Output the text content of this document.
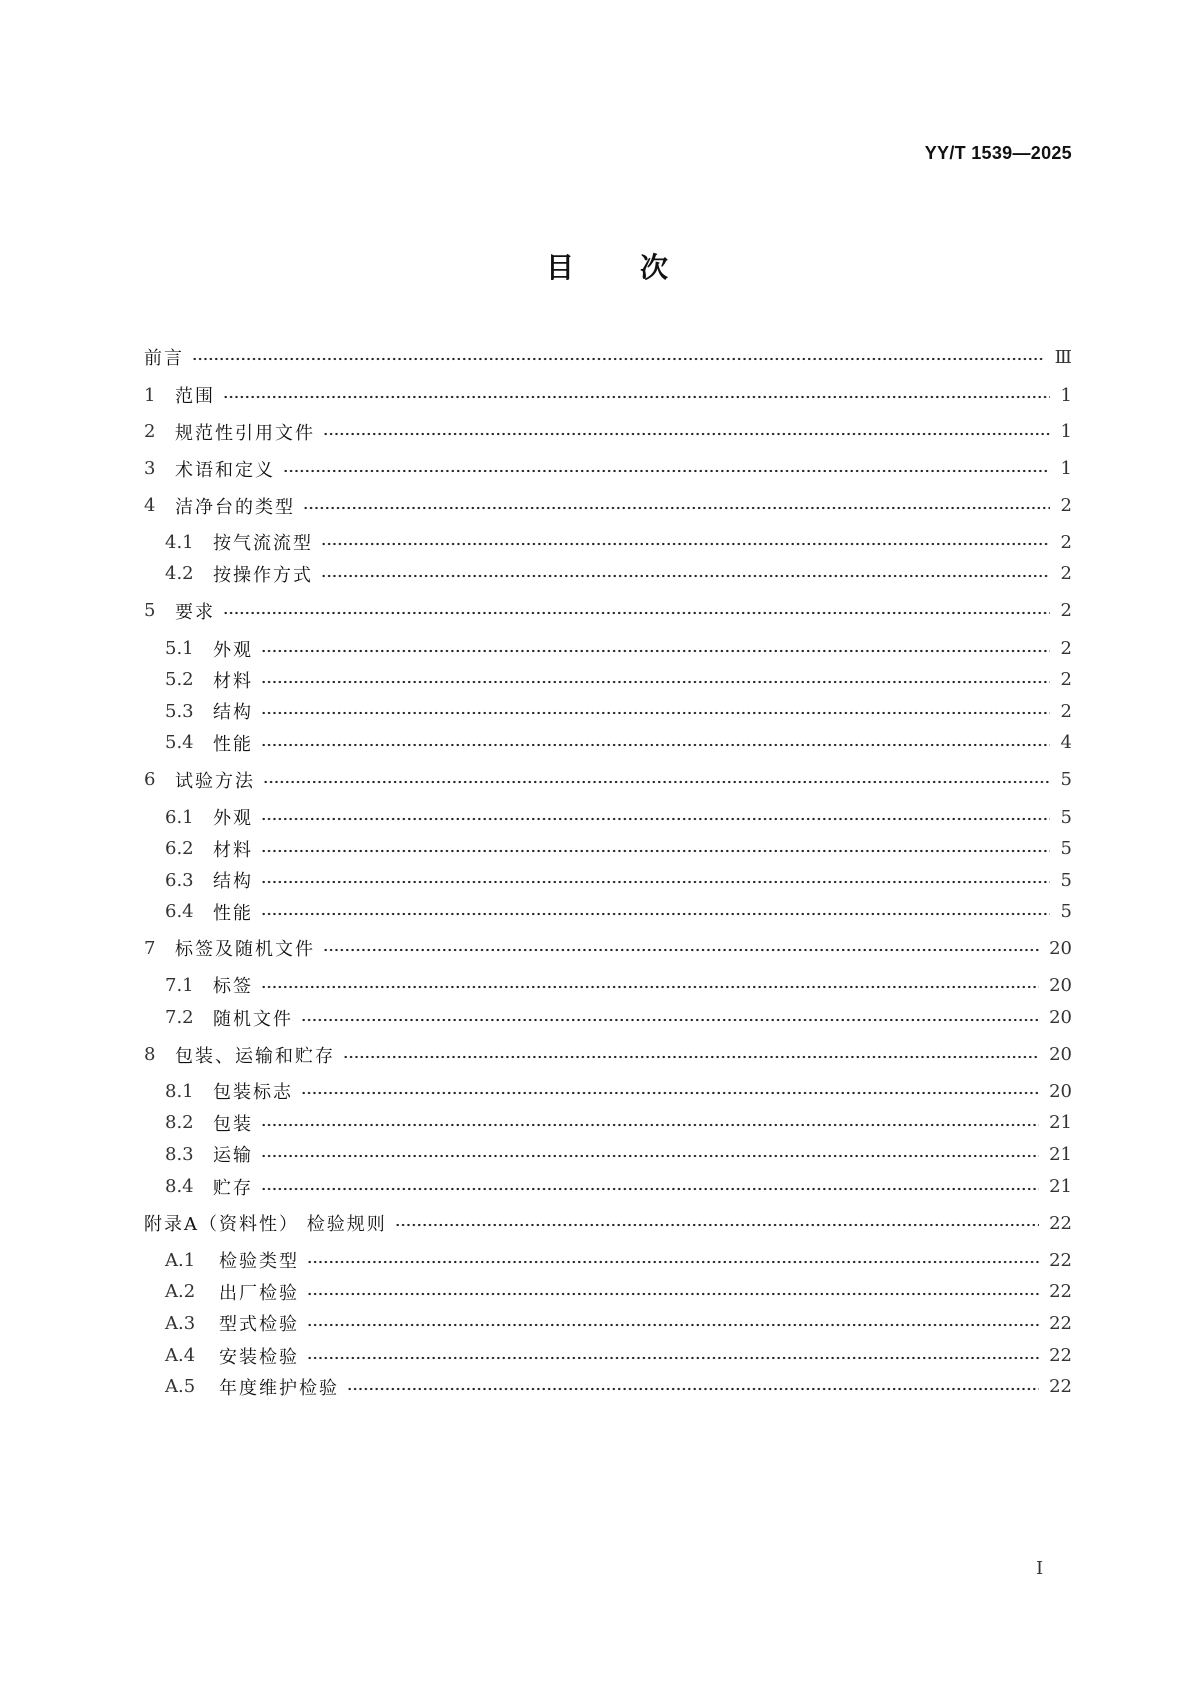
YY/T 1539—2025
目 次
前言	Ⅲ
1	范围	1
2	规范性引用文件	1
3	术语和定义	1
4	洁净台的类型	2
4.1	按气流流型	2
4.2	按操作方式	2
5	要求	2
5.1	外观	2
5.2	材料	2
5.3	结构	2
5.4	性能	4
6	试验方法	5
6.1	外观	5
6.2	材料	5
6.3	结构	5
6.4	性能	5
7	标签及随机文件	20
7.1	标签	20
7.2	随机文件	20
8	包装、运输和贮存	20
8.1	包装标志	20
8.2	包装	21
8.3	运输	21
8.4	贮存	21
附录A（资料性） 检验规则	22
A.1	检验类型	22
A.2	出厂检验	22
A.3	型式检验	22
A.4	安装检验	22
A.5	年度维护检验	22
I
